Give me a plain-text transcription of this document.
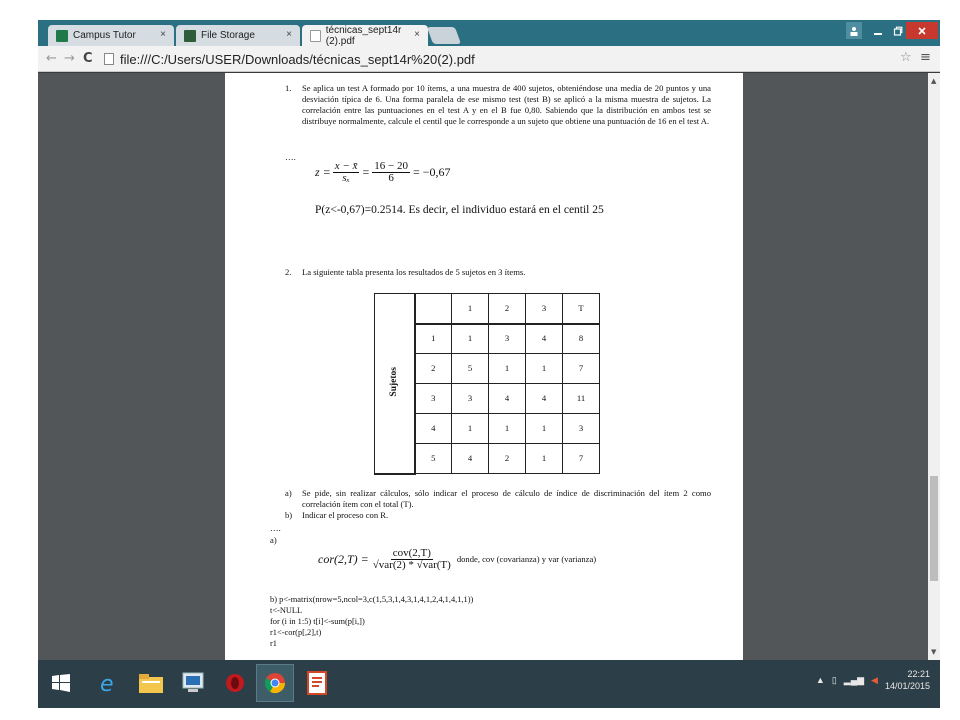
Campus Tutor ×	File Storage	×	técnicas_sept14r (2).pdf
×
← → C file:///C:/Users/USER/Downloads/técnicas_sept14r%20(2).pdf	☆ ≡
1.	Se aplica un test A formado por 10 ítems, a una muestra de 400 sujetos, obteniéndose una media de 20 puntos y una desviación típica de 6. Una forma paralela de ese mismo test (test B) se aplicó a la misma muestra de sujetos. La correlación entre las puntuaciones en el test A y en el B fue 0,80. Sabiendo que la distribución en ambos test se distribuye normalmente, calcule el centil que le corresponde a un sujeto que obtiene una puntuación de 16 en el test A.
….
$z = \frac{x - x̄}{\text{sₓ}} = \frac{16 - 20}{6} = -0,67$
P(z<-0,67)=0.2514. Es decir, el individuo estará en el centil 25
2.	La siguiente tabla presenta los resultados de 5 sujetos en 3 ítems.
Sujetos		1	2	3	T
	1	1	3	4	8
	2	5	1	1	7
	3	3	4	4	11
	4	1	1	1	3
	5	4	2	1	7
a)	Se pide, sin realizar cálculos, sólo indicar el proceso de cálculo de índice de discriminación del ítem 2 como correlación ítem con el total (T).
b)	Indicar el proceso con R.
….
a)
$cor(2,T) = \frac{\text{cov(2,T)}}{\text{√var(2) * √var(T)}}$ donde, cov (covarianza) y var (varianza)
b) p<-matrix(nrow=5,ncol=3,c(1,5,3,1,4,3,1,4,1,2,4,1,4,1,1))
t<-NULL
for (i in 1:5) t[i]<-sum(p[i,])
r1<-cor(p[,2],t)
r1
▲
▼
e	▲ ▯ ▂▄▆ ◀
22:21
14/01/2015
